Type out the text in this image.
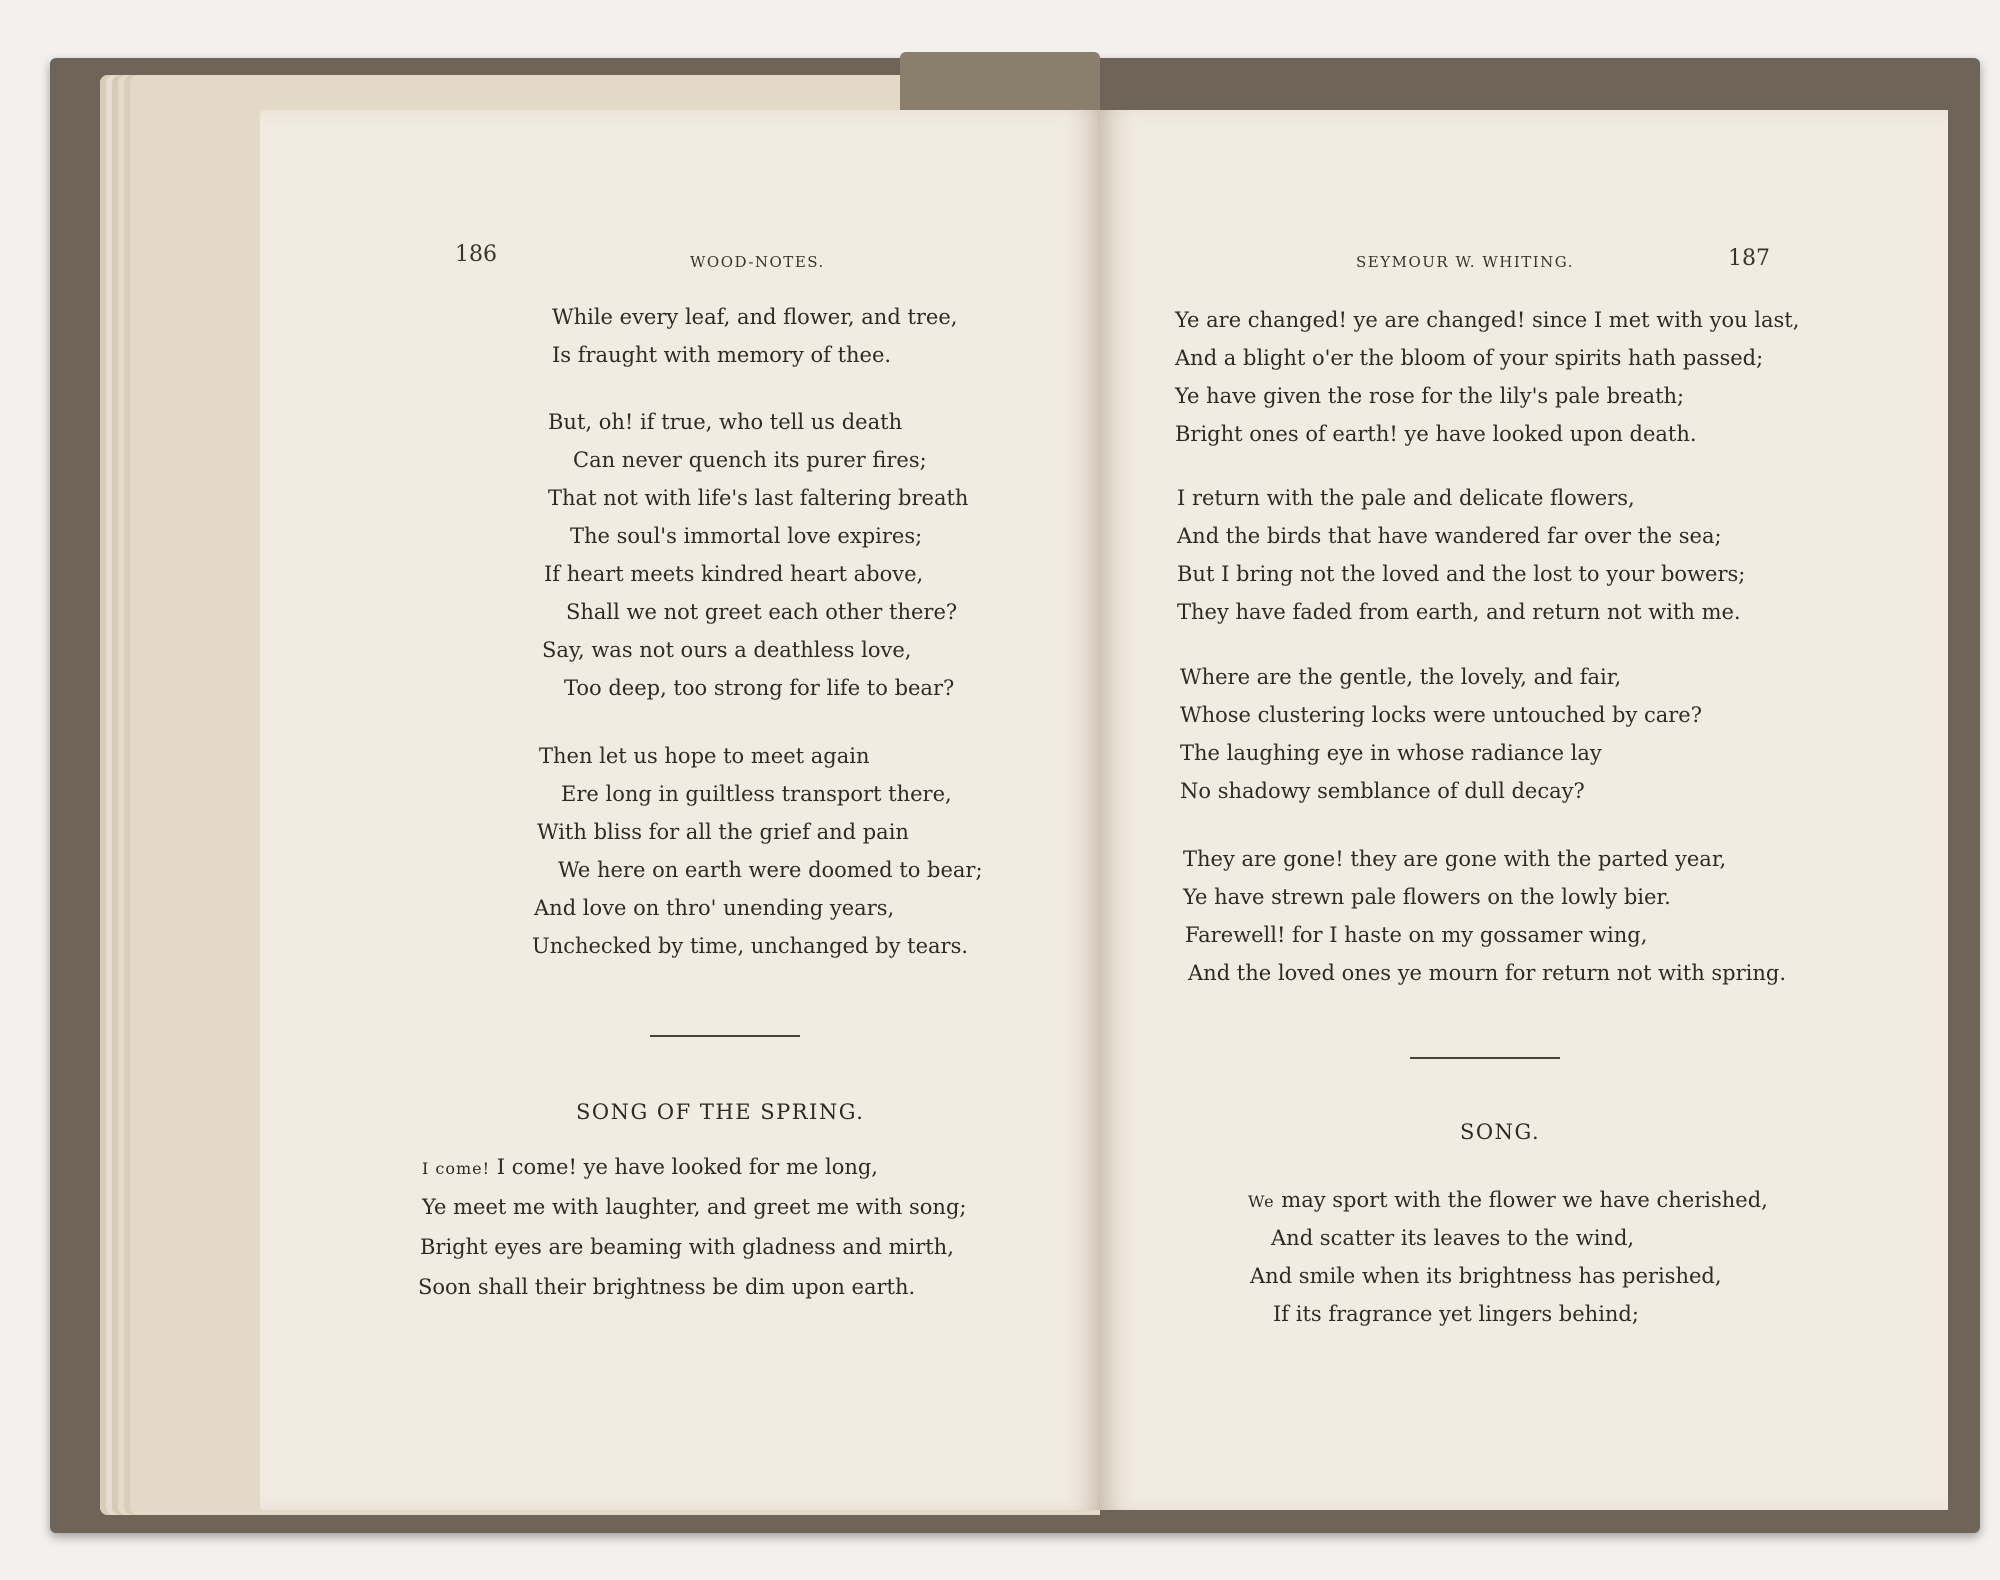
186	WOOD-NOTES.
While every leaf, and flower, and tree,
Is fraught with memory of thee.
But, oh! if true, who tell us death
Can never quench its purer fires;
That not with life's last faltering breath
The soul's immortal love expires;
If heart meets kindred heart above,
Shall we not greet each other there?
Say, was not ours a deathless love,
Too deep, too strong for life to bear?
Then let us hope to meet again
Ere long in guiltless transport there,
With bliss for all the grief and pain
We here on earth were doomed to bear;
And love on thro' unending years,
Unchecked by time, unchanged by tears.
SONG OF THE SPRING.
I come! I come! ye have looked for me long,
Ye meet me with laughter, and greet me with song;
Bright eyes are beaming with gladness and mirth,
Soon shall their brightness be dim upon earth.
SEYMOUR W. WHITING.	187
Ye are changed! ye are changed! since I met with you last,
And a blight o'er the bloom of your spirits hath passed;
Ye have given the rose for the lily's pale breath;
Bright ones of earth! ye have looked upon death.
I return with the pale and delicate flowers,
And the birds that have wandered far over the sea;
But I bring not the loved and the lost to your bowers;
They have faded from earth, and return not with me.
Where are the gentle, the lovely, and fair,
Whose clustering locks were untouched by care?
The laughing eye in whose radiance lay
No shadowy semblance of dull decay?
They are gone! they are gone with the parted year,
Ye have strewn pale flowers on the lowly bier.
Farewell! for I haste on my gossamer wing,
And the loved ones ye mourn for return not with spring.
SONG.
We may sport with the flower we have cherished,
And scatter its leaves to the wind,
And smile when its brightness has perished,
If its fragrance yet lingers behind;
